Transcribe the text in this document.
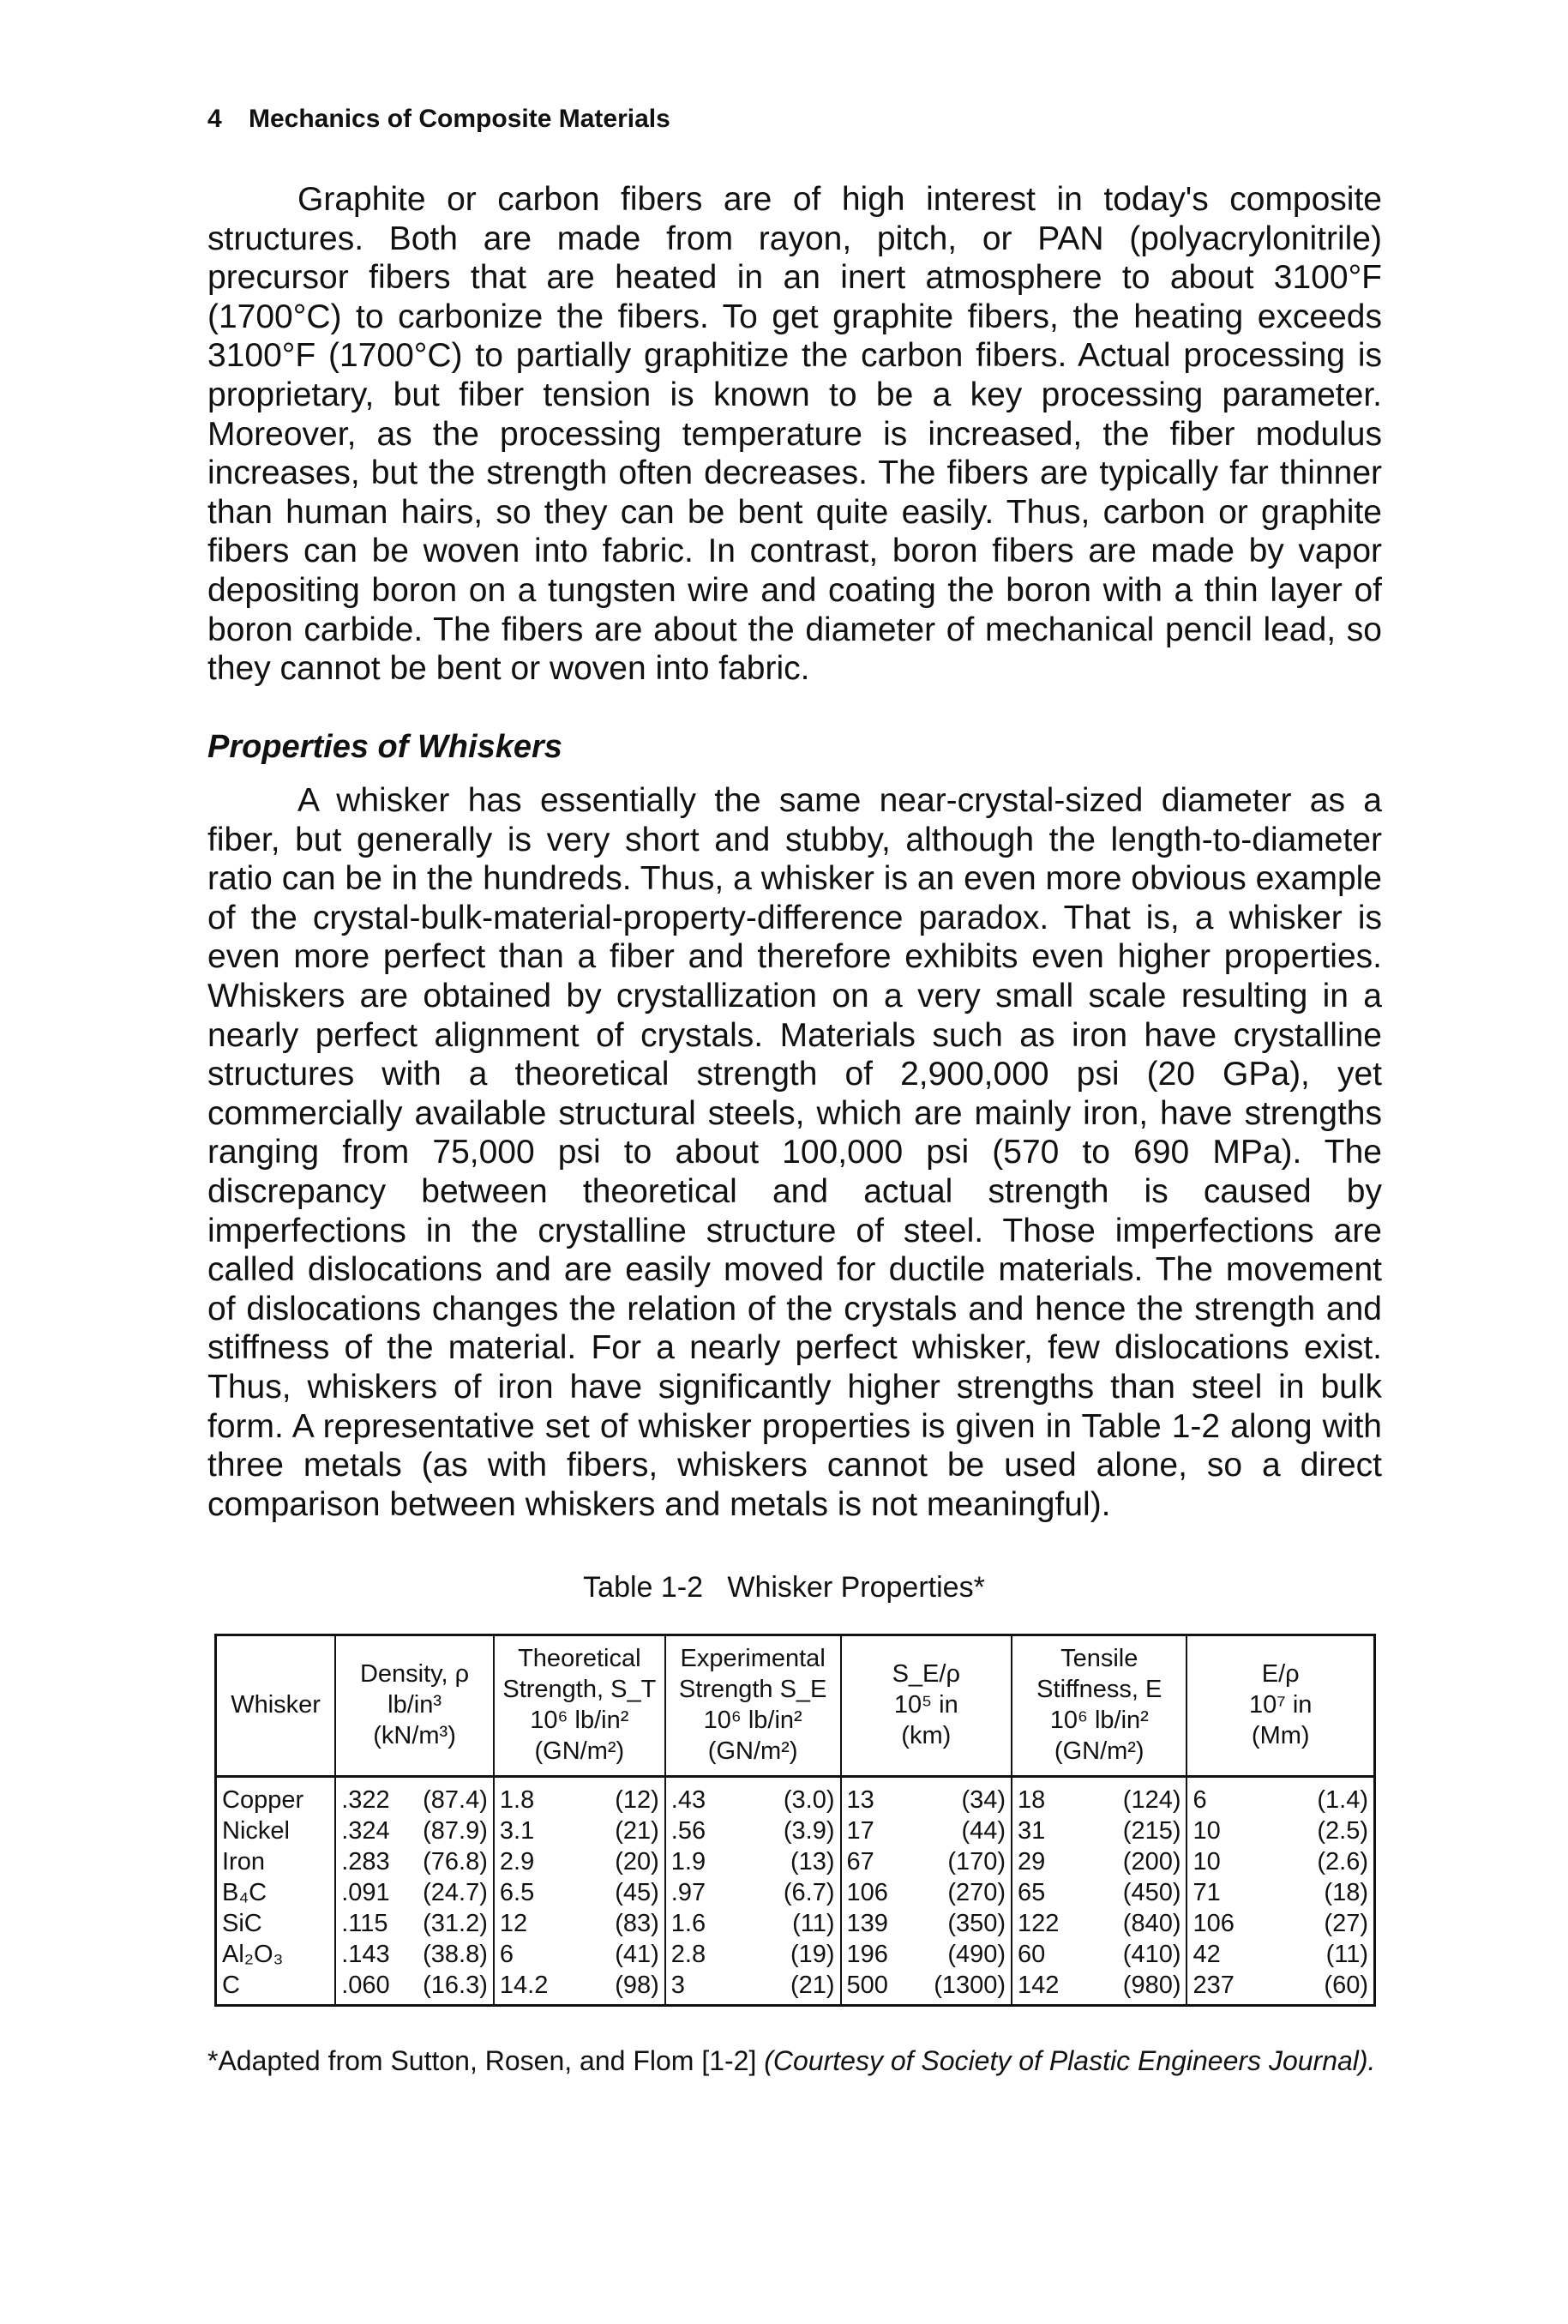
4 Mechanics of Composite Materials

Graphite or carbon fibers are of high interest in today's composite structures. Both are made from rayon, pitch, or PAN (polyacrylonitrile) precursor fibers that are heated in an inert atmosphere to about 3100°F (1700°C) to carbonize the fibers. To get graphite fibers, the heating exceeds 3100°F (1700°C) to partially graphitize the carbon fibers. Actual processing is proprietary, but fiber tension is known to be a key processing parameter. Moreover, as the processing temperature is increased, the fiber modulus increases, but the strength often decreases. The fibers are typically far thinner than human hairs, so they can be bent quite easily. Thus, carbon or graphite fibers can be woven into fabric. In contrast, boron fibers are made by vapor depositing boron on a tungsten wire and coating the boron with a thin layer of boron carbide. The fibers are about the diameter of mechanical pencil lead, so they cannot be bent or woven into fabric.

Properties of Whiskers

A whisker has essentially the same near-crystal-sized diameter as a fiber, but generally is very short and stubby, although the length-to-diameter ratio can be in the hundreds. Thus, a whisker is an even more obvious example of the crystal-bulk-material-property-difference paradox. That is, a whisker is even more perfect than a fiber and therefore exhibits even higher properties. Whiskers are obtained by crystallization on a very small scale resulting in a nearly perfect alignment of crystals. Materials such as iron have crystalline structures with a theoretical strength of 2,900,000 psi (20 GPa), yet commercially available structural steels, which are mainly iron, have strengths ranging from 75,000 psi to about 100,000 psi (570 to 690 MPa). The discrepancy between theoretical and actual strength is caused by imperfections in the crystalline structure of steel. Those imperfections are called dislocations and are easily moved for ductile materials. The movement of dislocations changes the relation of the crystals and hence the strength and stiffness of the material. For a nearly perfect whisker, few dislocations exist. Thus, whiskers of iron have significantly higher strengths than steel in bulk form. A representative set of whisker properties is given in Table 1-2 along with three metals (as with fibers, whiskers cannot be used alone, so a direct comparison between whiskers and metals is not meaningful).

Table 1-2   Whisker Properties*

Whisker	Density, ρ
lb/in³
(kN/m³)	Theoretical
Strength, S_T
10⁶ lb/in²
(GN/m²)	Experimental
Strength S_E
10⁶ lb/in²
(GN/m²)	S_E/ρ
10⁵ in
(km)	Tensile
Stiffness, E
10⁶ lb/in²
(GN/m²)	E/ρ
10⁷ in
(Mm)

Copper	.322 (87.4)	1.8 (12)	.43 (3.0)	13 (34)	18 (124)	6 (1.4)

Nickel	.324 (87.9)	3.1 (21)	.56 (3.9)	17 (44)	31 (215)	10 (2.5)

Iron	.283 (76.8)	2.9 (20)	1.9 (13)	67 (170)	29 (200)	10 (2.6)

B₄C	.091 (24.7)	6.5 (45)	.97 (6.7)	106 (270)	65 (450)	71 (18)

SiC	.115 (31.2)	12 (83)	1.6 (11)	139 (350)	122 (840)	106 (27)

Al₂O₃	.143 (38.8)	6 (41)	2.8 (19)	196 (490)	60 (410)	42 (11)

C	.060 (16.3)	14.2 (98)	3 (21)	500 (1300)	142 (980)	237 (60)

*Adapted from Sutton, Rosen, and Flom [1-2] (Courtesy of Society of Plastic Engineers Journal).
